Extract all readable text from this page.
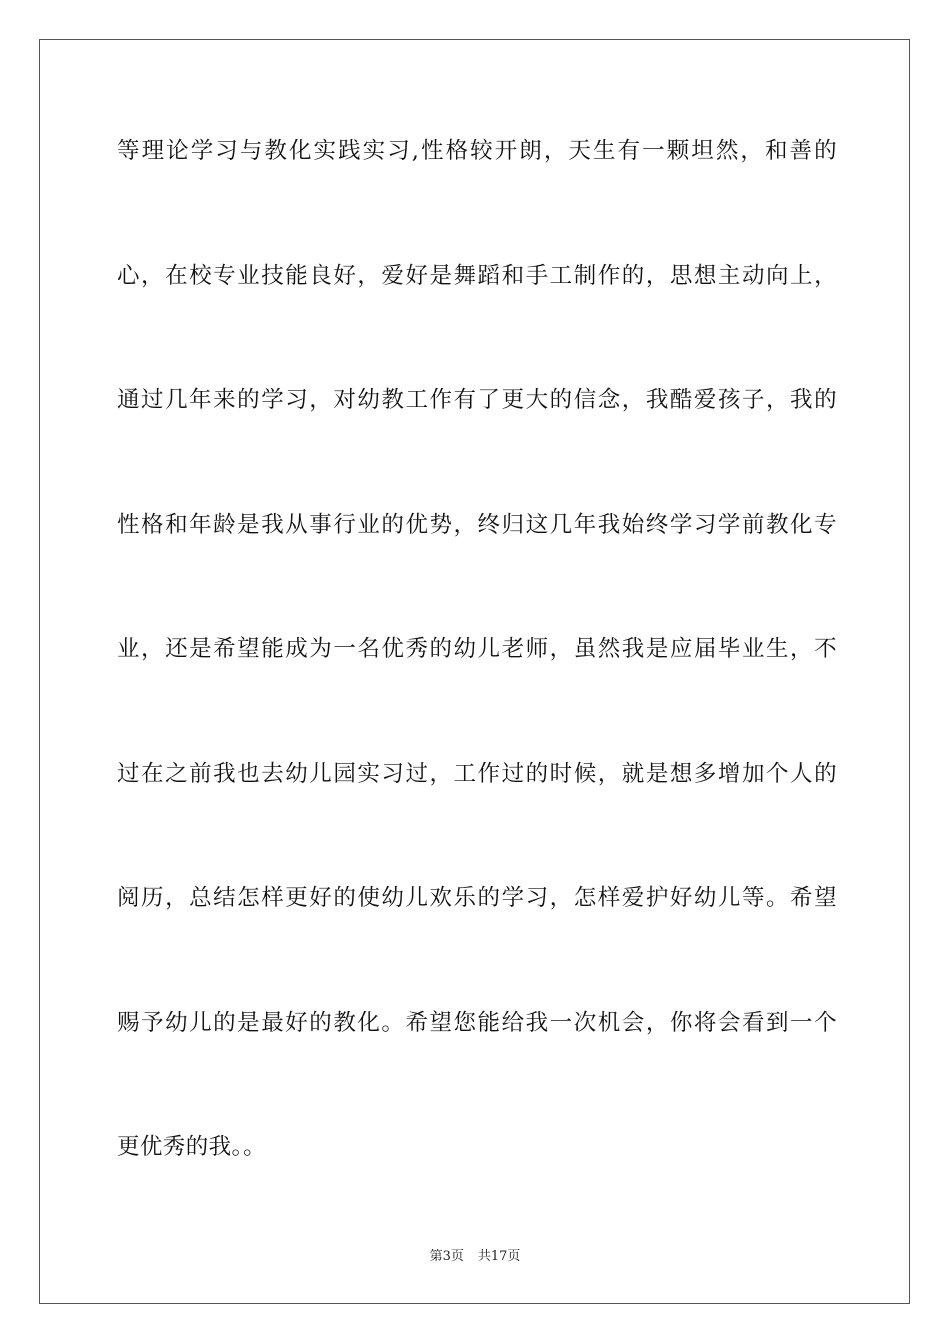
等理论学习与教化实践实习,性格较开朗，天生有一颗坦然，和善的
心，在校专业技能良好，爱好是舞蹈和手工制作的，思想主动向上，
通过几年来的学习，对幼教工作有了更大的信念，我酷爱孩子，我的
性格和年龄是我从事行业的优势，终归这几年我始终学习学前教化专
业，还是希望能成为一名优秀的幼儿老师，虽然我是应届毕业生，不
过在之前我也去幼儿园实习过，工作过的时候，就是想多增加个人的
阅历，总结怎样更好的使幼儿欢乐的学习，怎样爱护好幼儿等。希望
赐予幼儿的是最好的教化。希望您能给我一次机会，你将会看到一个
更优秀的我。。
第3页 共17页
